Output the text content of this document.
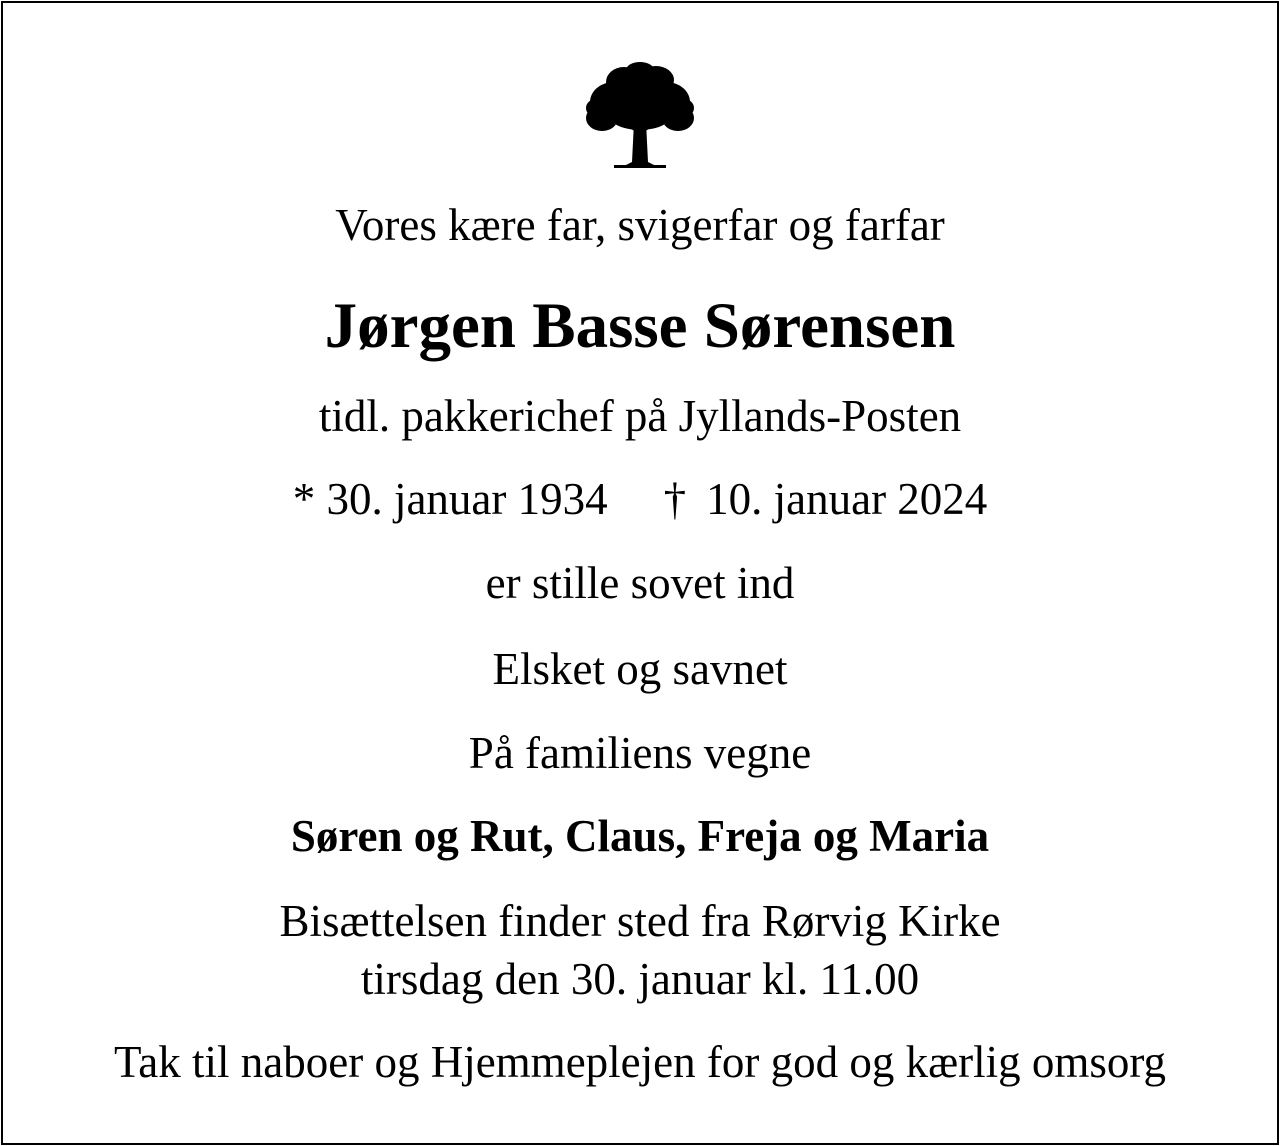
Vores kære far, svigerfar og farfar
Jørgen Basse Sørensen
tidl. pakkerichef på Jyllands-Posten
* 30. januar 1934 † 10. januar 2024
er stille sovet ind
Elsket og savnet
På familiens vegne
Søren og Rut, Claus, Freja og Maria
Bisættelsen finder sted fra Rørvig Kirke
tirsdag den 30. januar kl. 11.00
Tak til naboer og Hjemmeplejen for god og kærlig omsorg
